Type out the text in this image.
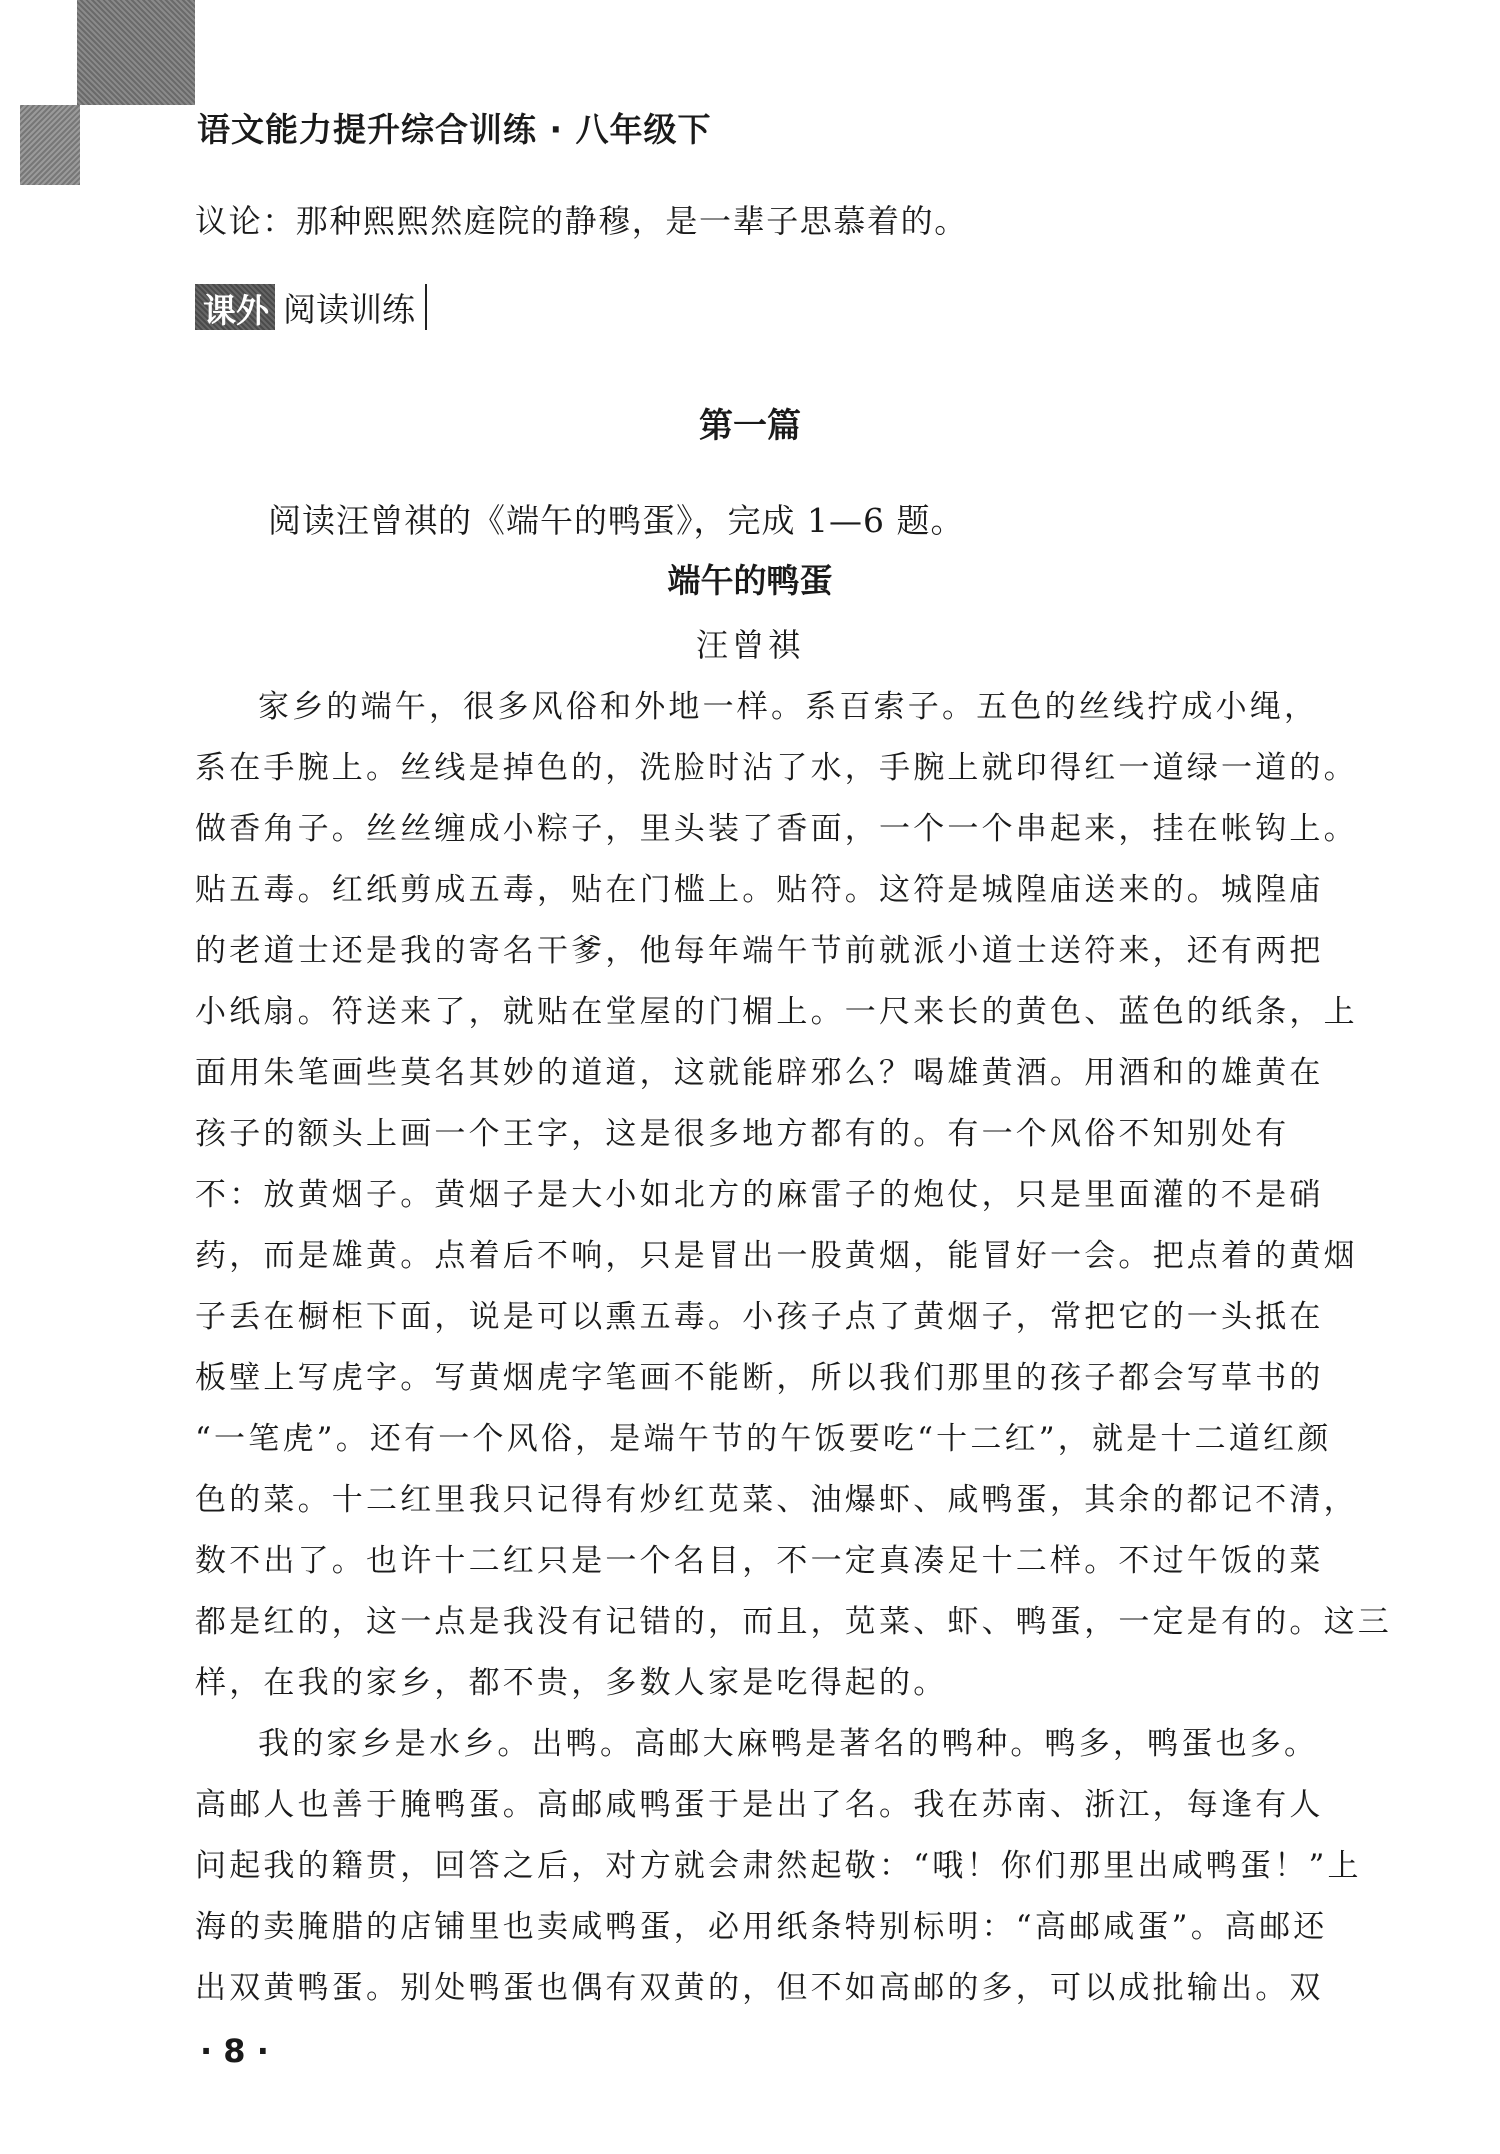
语文能力提升综合训练 · 八年级下
议论：那种熙熙然庭院的静穆，是一辈子思慕着的。
课外 阅读训练
第一篇
阅读汪曾祺的《端午的鸭蛋》，完成 1—6 题。
端午的鸭蛋
汪曾祺
家乡的端午，很多风俗和外地一样。系百索子。五色的丝线拧成小绳，
系在手腕上。丝线是掉色的，洗脸时沾了水，手腕上就印得红一道绿一道的。
做香角子。丝丝缠成小粽子，里头装了香面，一个一个串起来，挂在帐钩上。
贴五毒。红纸剪成五毒，贴在门槛上。贴符。这符是城隍庙送来的。城隍庙
的老道士还是我的寄名干爹，他每年端午节前就派小道士送符来，还有两把
小纸扇。符送来了，就贴在堂屋的门楣上。一尺来长的黄色、蓝色的纸条，上
面用朱笔画些莫名其妙的道道，这就能辟邪么？喝雄黄酒。用酒和的雄黄在
孩子的额头上画一个王字，这是很多地方都有的。有一个风俗不知别处有
不：放黄烟子。黄烟子是大小如北方的麻雷子的炮仗，只是里面灌的不是硝
药，而是雄黄。点着后不响，只是冒出一股黄烟，能冒好一会。把点着的黄烟
子丢在橱柜下面，说是可以熏五毒。小孩子点了黄烟子，常把它的一头抵在
板壁上写虎字。写黄烟虎字笔画不能断，所以我们那里的孩子都会写草书的
“一笔虎”。还有一个风俗，是端午节的午饭要吃“十二红”，就是十二道红颜
色的菜。十二红里我只记得有炒红苋菜、油爆虾、咸鸭蛋，其余的都记不清，
数不出了。也许十二红只是一个名目，不一定真凑足十二样。不过午饭的菜
都是红的，这一点是我没有记错的，而且，苋菜、虾、鸭蛋，一定是有的。这三
样，在我的家乡，都不贵，多数人家是吃得起的。
我的家乡是水乡。出鸭。高邮大麻鸭是著名的鸭种。鸭多，鸭蛋也多。
高邮人也善于腌鸭蛋。高邮咸鸭蛋于是出了名。我在苏南、浙江，每逢有人
问起我的籍贯，回答之后，对方就会肃然起敬：“哦！你们那里出咸鸭蛋！”上
海的卖腌腊的店铺里也卖咸鸭蛋，必用纸条特别标明：“高邮咸蛋”。高邮还
出双黄鸭蛋。别处鸭蛋也偶有双黄的，但不如高邮的多，可以成批输出。双
· 8 ·
